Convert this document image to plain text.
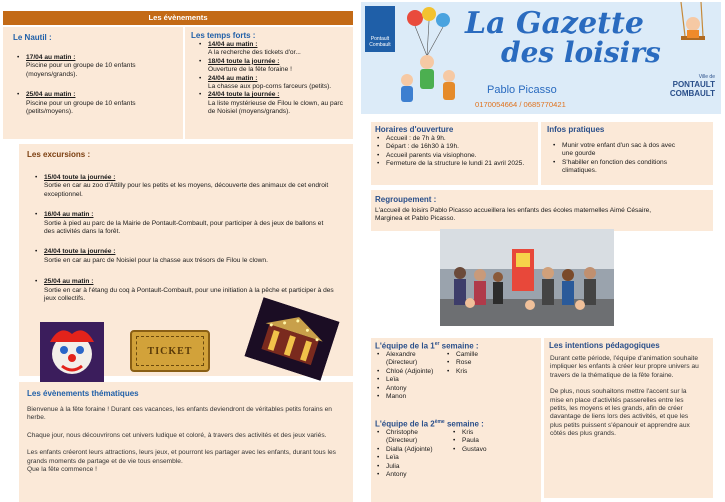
Les évènements
Le Nautil :
• 17/04 au matin :
Piscine pour un groupe de 10 enfants (moyens/grands).
• 25/04 au matin :
Piscine pour un groupe de 10 enfants (petits/moyens).
Les temps forts :
• 14/04 au matin :
A la recherche des tickets d'or...
• 18/04 toute la journée :
Ouverture de la fête foraine !
• 24/04 au matin :
La chasse aux pop-corns farceurs (petits).
• 24/04 toute la journée :
La liste mystérieuse de Filou le clown, au parc de Noisiel (moyens/grands).
Les excursions :
• 15/04 toute la journée :
Sortie en car au zoo d'Attilly pour les petits et les moyens, découverte des animaux de cet endroit exceptionnel.
• 16/04 au matin :
Sortie à pied au parc de la Mairie de Pontault-Combault, pour participer à des jeux de ballons et des activités dans la forêt.
• 24/04 toute la journée :
Sortie en car au parc de Noisiel pour la chasse aux trésors de Filou le clown.
• 25/04 au matin :
Sortie en car à l'étang du coq à Pontault-Combault, pour une initiation à la pêche et participer à des jeux collectifs.
TICKET
Les évènements thématiques

Bienvenue à la fête foraine ! Durant ces vacances, les enfants deviendront de véritables petits forains en herbe.

Chaque jour, nous découvrirons cet univers ludique et coloré, à travers des activités et des jeux variés.

Les enfants créeront leurs attractions, leurs jeux, et pourront les partager avec les enfants, durant tous les grands moments de partage et de vie tous ensemble.

Que la fête commence !

Pontault Combault
La Gazette
des loisirs
Pablo Picasso
0170054664 / 0685770421
Ville de
PONTAULT
COMBAULT
Horaires d'ouverture
• Accueil : de 7h à 9h.
• Départ : de 16h30 à 19h.
• Accueil parents via visiophone.
• Fermeture de la structure le lundi 21 avril 2025.
Infos pratiques
• Munir votre enfant d'un sac à dos avec une gourde
• S'habiller en fonction des conditions climatiques.
Regroupement :
L'accueil de loisirs Pablo Picasso accueillera les enfants des écoles maternelles Aimé Césaire, Marginea et Pablo Picasso.
L'équipe de la 1er semaine :
• Alexandre (Directeur)
• Chloé (Adjointe)
• Leïa
• Antony
• Manon
• Camille
• Rose
• Kris
L'équipe de la 2ème semaine :
• Christophe (Directeur)
• Dialla (Adjointe)
• Leïa
• Julia
• Antony
• Kris
• Paula
• Gustavo
Les intentions pédagogiques

Durant cette période, l'équipe d'animation souhaite impliquer les enfants à créer leur propre univers au travers de la thématique de la fête foraine.

De plus, nous souhaitons mettre l'accent sur la mise en place d'activités passerelles entre les petits, les moyens et les grands, afin de créer davantage de liens lors des activités, et que les plus petits puissent s'épanouir et apprendre aux côtés des plus grands.
